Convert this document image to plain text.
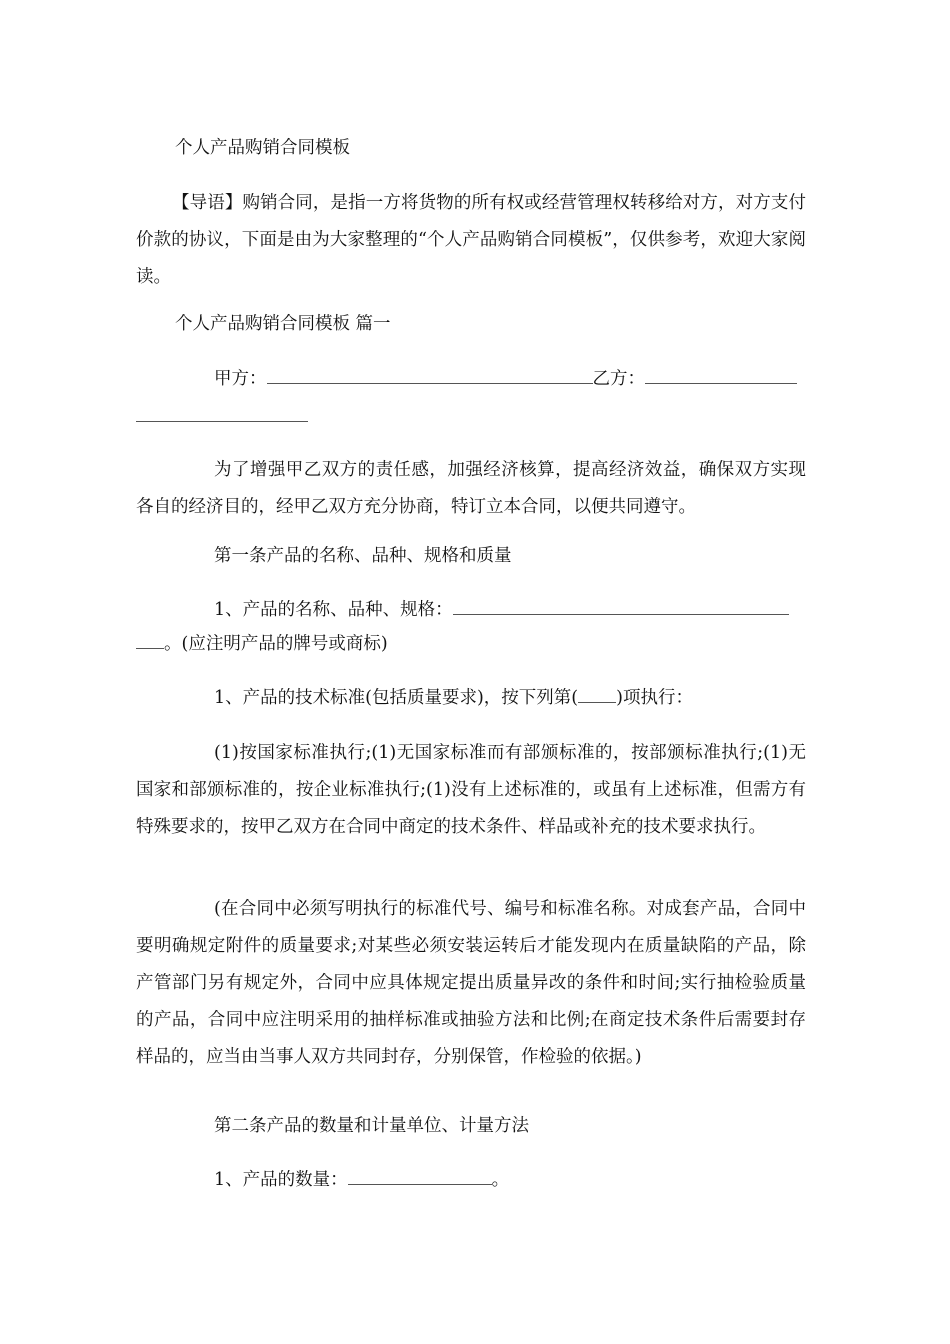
个人产品购销合同模板
【导语】购销合同，是指一方将货物的所有权或经营管理权转移给对方，对方支付价款的协议，下面是由为大家整理的“个人产品购销合同模板”，仅供参考，欢迎大家阅读。
个人产品购销合同模板 篇一
甲方：	乙方：
为了增强甲乙双方的责任感，加强经济核算，提高经济效益，确保双方实现各自的经济目的，经甲乙双方充分协商，特订立本合同，以便共同遵守。
第一条产品的名称、品种、规格和质量
1、产品的名称、品种、规格：
。(应注明产品的牌号或商标)
1、产品的技术标准(包括质量要求)，按下列第( )项执行：
(1)按国家标准执行;(1)无国家标准而有部颁标准的，按部颁标准执行;(1)无国家和部颁标准的，按企业标准执行;(1)没有上述标准的，或虽有上述标准，但需方有特殊要求的，按甲乙双方在合同中商定的技术条件、样品或补充的技术要求执行。
(在合同中必须写明执行的标准代号、编号和标准名称。对成套产品，合同中要明确规定附件的质量要求;对某些必须安装运转后才能发现内在质量缺陷的产品，除产管部门另有规定外，合同中应具体规定提出质量异改的条件和时间;实行抽检验质量的产品，合同中应注明采用的抽样标准或抽验方法和比例;在商定技术条件后需要封存样品的，应当由当事人双方共同封存，分别保管，作检验的依据。)
第二条产品的数量和计量单位、计量方法
1、产品的数量：	。
